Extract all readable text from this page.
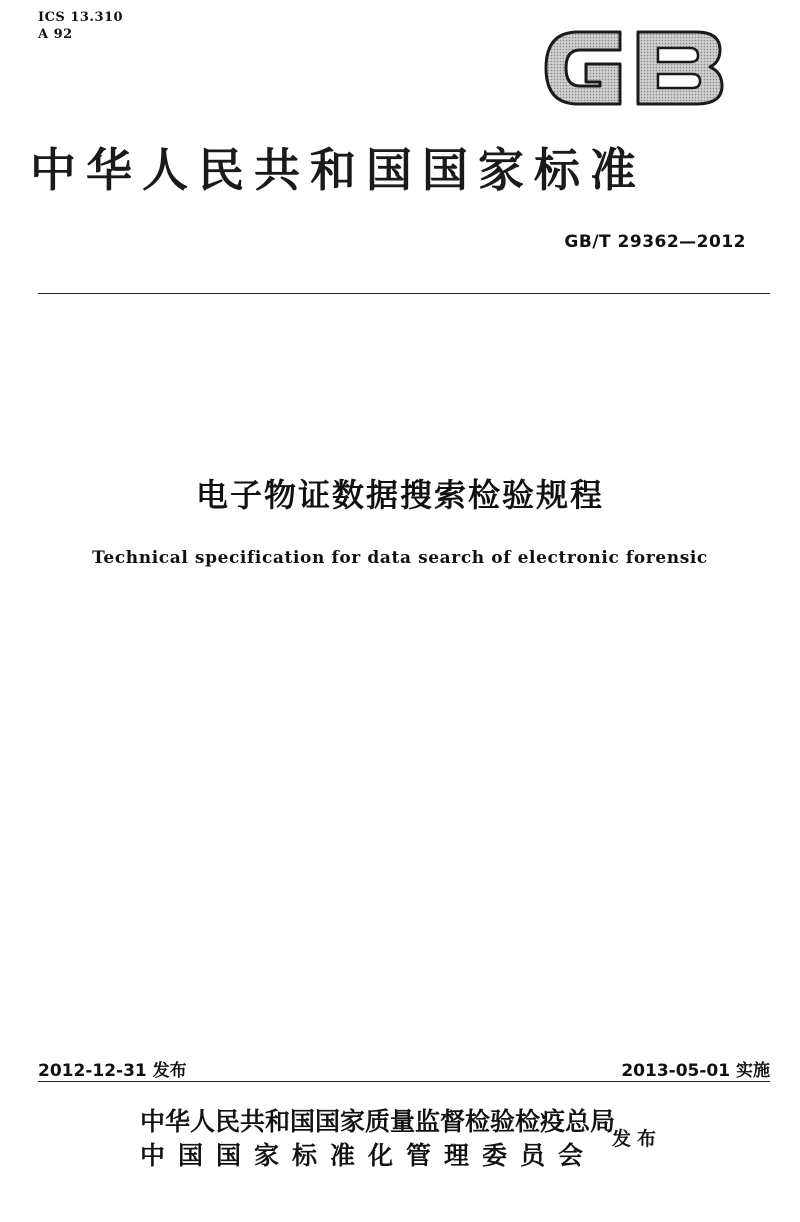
ICS 13.310
A 92
GB
中华人民共和国国家标准
GB/T 29362—2012
电子物证数据搜索检验规程
Technical specification for data search of electronic forensic
2012-12-31 发布	2013-05-01 实施
中华人民共和国国家质量监督检验检疫总局
中国国家标准化管理委员会
发布
